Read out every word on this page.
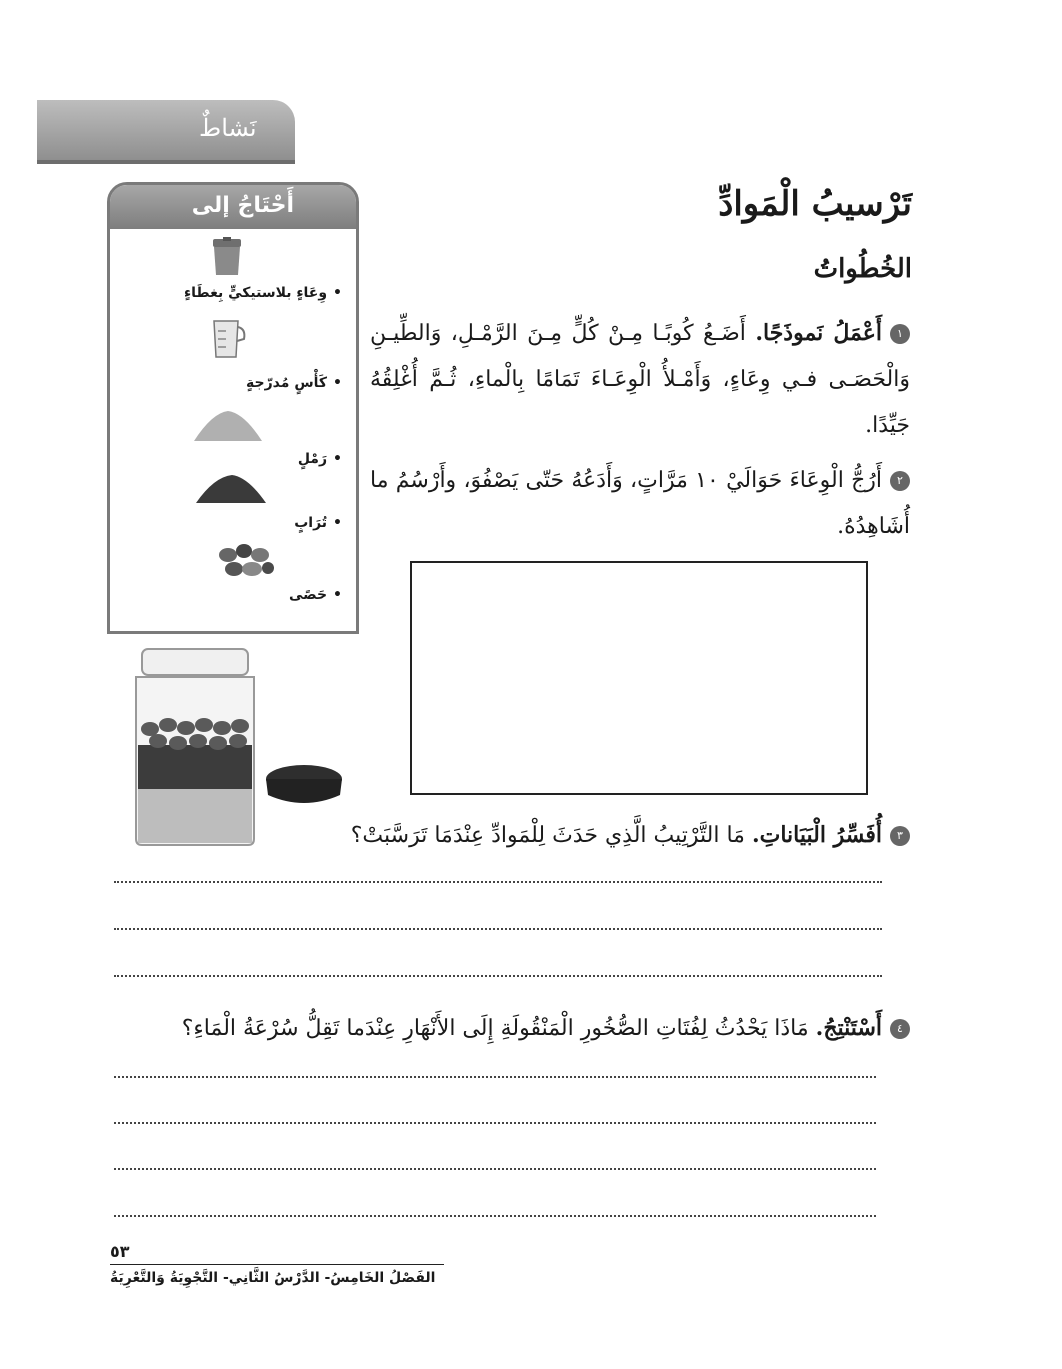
نَشاطٌ
أَحْتَاجُ إلى
• وِعَاءٍ بلاستيكيٍّ بِغطَاءٍ
• كَأْسٍ مُدرّجةٍ
• رَمْلٍ
• تُرَابٍ
• حَصًى
تَرْسيبُ الْمَوادِّ
الخُطُواتُ
١أَعْمَلُ نَموذَجًا. أَضَـعُ كُوبًـا مِـنْ كُلٍّ مِـنَ الرَّمْـلِ، وَالطِّيـنِ وَالْحَصَـى فـي وِعَاءٍ، وَأَمْـلأُ الْوِعَـاءَ تَمَامًا بِالْماءِ، ثُـمَّ أُغْلِقُهُ جَيِّدًا.
٢أَرُجُّ الْوِعَاءَ حَوَالَيْ ١٠ مَرَّاتٍ، وَأَدَعُهُ حَتّى يَصْفُوَ، وأَرْسُمُ ما أُشَاهِدُهُ.
٣أُفَسِّرُ الْبَيَاناتِ. مَا التَّرْتِيبُ الَّذِي حَدَثَ لِلْمَوادِّ عِنْدَمَا تَرَسَّبَتْ؟
٤أَسْتَنْتِجُ. مَاذَا يَحْدُثُ لِفُتَاتِ الصُّخُورِ الْمَنْقُولَةِ إِلَى الأَنْهَارِ عِنْدَما تَقِلُّ سُرْعَةُ الْمَاءِ؟
٥٣
الفَصْلُ الخَامِسُ- الدَّرْسُ الثَّانِي- التَّجْوِيَةُ وَالتَّعْرِيَةُ
